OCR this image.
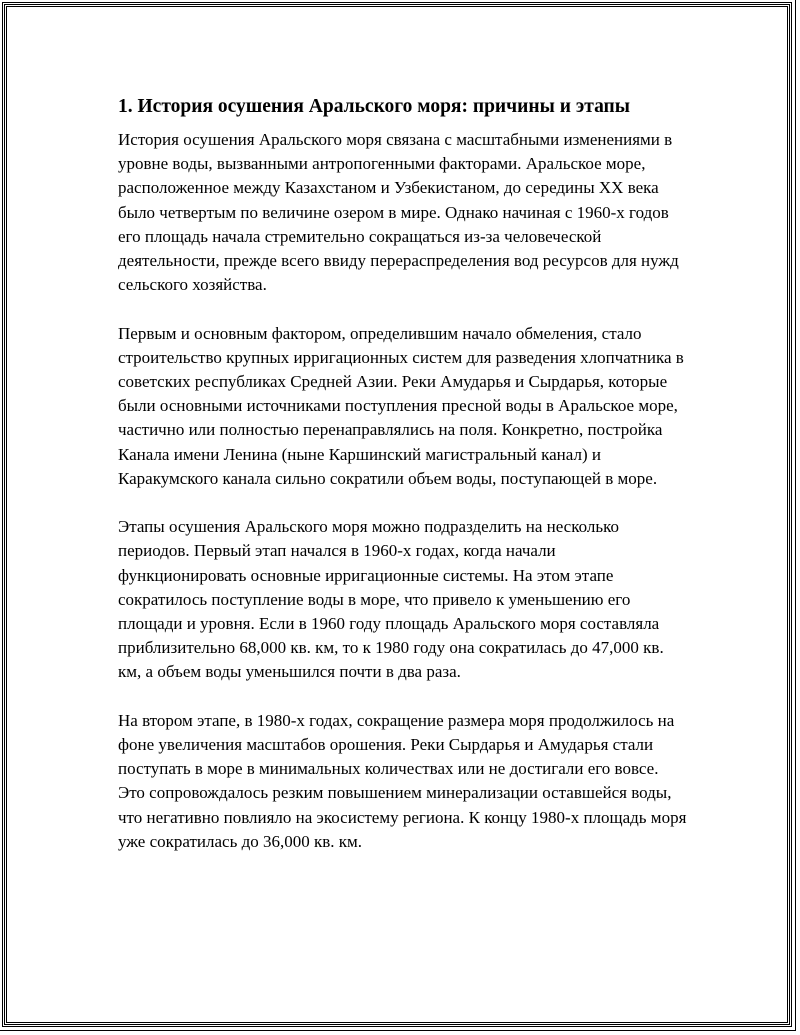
1. История осушения Аральского моря: причины и этапы

История осушения Аральского моря связана с масштабными изменениями в уровне воды, вызванными антропогенными факторами. Аральское море, расположенное между Казахстаном и Узбекистаном, до середины XX века было четвертым по величине озером в мире. Однако начиная с 1960-х годов его площадь начала стремительно сокращаться из-за человеческой деятельности, прежде всего ввиду перераспределения вод ресурсов для нужд сельского хозяйства.

Первым и основным фактором, определившим начало обмеления, стало строительство крупных ирригационных систем для разведения хлопчатника в советских республиках Средней Азии. Реки Амударья и Сырдарья, которые были основными источниками поступления пресной воды в Аральское море, частично или полностью перенаправлялись на поля. Конкретно, постройка Канала имени Ленина (ныне Каршинский магистральный канал) и Каракумского канала сильно сократили объем воды, поступающей в море.

Этапы осушения Аральского моря можно подразделить на несколько периодов. Первый этап начался в 1960-х годах, когда начали функционировать основные ирригационные системы. На этом этапе сократилось поступление воды в море, что привело к уменьшению его площади и уровня. Если в 1960 году площадь Аральского моря составляла приблизительно 68,000 кв. км, то к 1980 году она сократилась до 47,000 кв. км, а объем воды уменьшился почти в два раза.

На втором этапе, в 1980-х годах, сокращение размера моря продолжилось на фоне увеличения масштабов орошения. Реки Сырдарья и Амударья стали поступать в море в минимальных количествах или не достигали его вовсе. Это сопровождалось резким повышением минерализации оставшейся воды, что негативно повлияло на экосистему региона. К концу 1980-х площадь моря уже сократилась до 36,000 кв. км.
